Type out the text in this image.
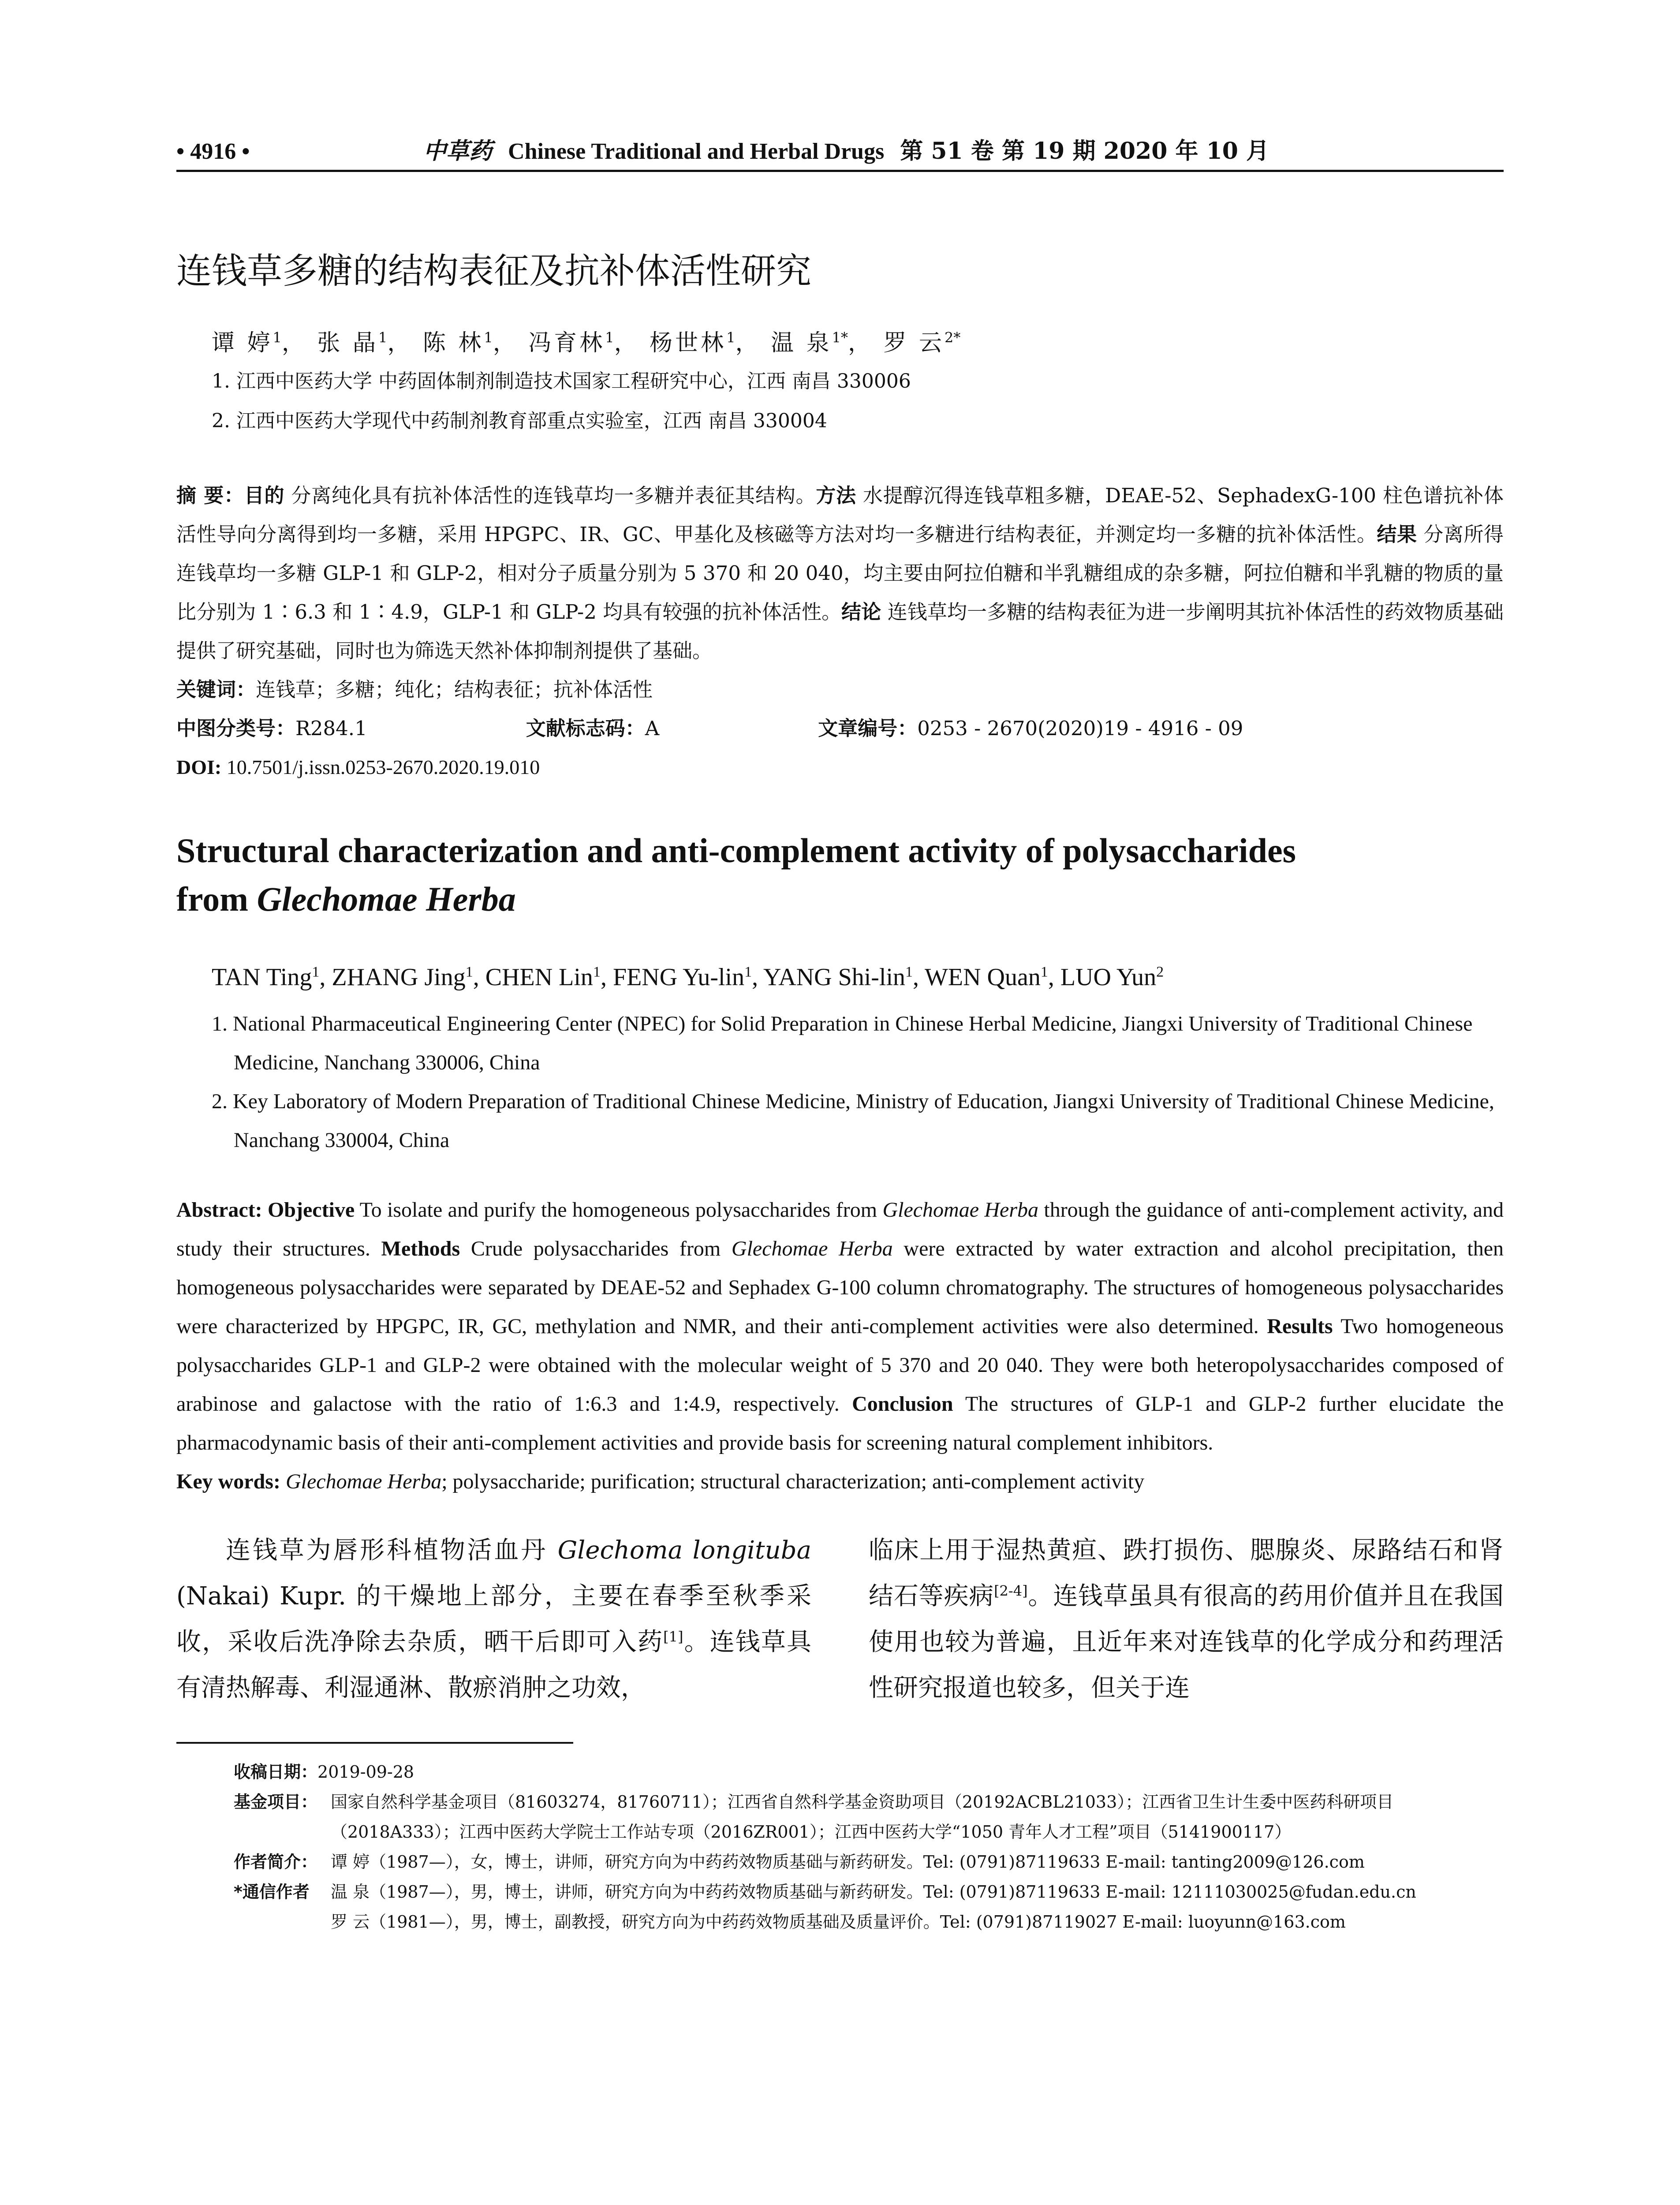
• 4916 •	中草药 Chinese Traditional and Herbal Drugs 第 51 卷 第 19 期 2020 年 10 月
连钱草多糖的结构表征及抗补体活性研究
谭 婷$^1$， 张 晶$^1$， 陈 林$^1$， 冯育林$^1$， 杨世林$^1$， 温 泉$^{1*}$， 罗 云$^{2*}$
1. 江西中医药大学 中药固体制剂制造技术国家工程研究中心，江西 南昌 330006
2. 江西中医药大学现代中药制剂教育部重点实验室，江西 南昌 330004
摘 要：目的 分离纯化具有抗补体活性的连钱草均一多糖并表征其结构。方法 水提醇沉得连钱草粗多糖，DEAE-52、SephadexG-100 柱色谱抗补体活性导向分离得到均一多糖，采用 HPGPC、IR、GC、甲基化及核磁等方法对均一多糖进行结构表征，并测定均一多糖的抗补体活性。结果 分离所得连钱草均一多糖 GLP-1 和 GLP-2，相对分子质量分别为 5 370 和 20 040，均主要由阿拉伯糖和半乳糖组成的杂多糖，阿拉伯糖和半乳糖的物质的量比分别为 1∶6.3 和 1∶4.9，GLP-1 和 GLP-2 均具有较强的抗补体活性。结论 连钱草均一多糖的结构表征为进一步阐明其抗补体活性的药效物质基础提供了研究基础，同时也为筛选天然补体抑制剂提供了基础。
关键词：连钱草；多糖；纯化；结构表征；抗补体活性
中图分类号：R284.1	文献标志码：A	文章编号：0253 - 2670(2020)19 - 4916 - 09
DOI: 10.7501/j.issn.0253-2670.2020.19.010
Structural characterization and anti-complement activity of polysaccharides
from Glechomae Herba
TAN Ting$^1$, ZHANG Jing$^1$, CHEN Lin$^1$, FENG Yu-lin$^1$, YANG Shi-lin$^1$, WEN Quan$^1$, LUO Yun$^2$
1. National Pharmaceutical Engineering Center (NPEC) for Solid Preparation in Chinese Herbal Medicine, Jiangxi University of Traditional Chinese Medicine, Nanchang 330006, China
2. Key Laboratory of Modern Preparation of Traditional Chinese Medicine, Ministry of Education, Jiangxi University of Traditional Chinese Medicine, Nanchang 330004, China
Abstract: Objective To isolate and purify the homogeneous polysaccharides from Glechomae Herba through the guidance of anti-complement activity, and study their structures. Methods Crude polysaccharides from Glechomae Herba were extracted by water extraction and alcohol precipitation, then homogeneous polysaccharides were separated by DEAE-52 and Sephadex G-100 column chromatography. The structures of homogeneous polysaccharides were characterized by HPGPC, IR, GC, methylation and NMR, and their anti-complement activities were also determined. Results Two homogeneous polysaccharides GLP-1 and GLP-2 were obtained with the molecular weight of 5 370 and 20 040. They were both heteropolysaccharides composed of arabinose and galactose with the ratio of 1:6.3 and 1:4.9, respectively. Conclusion The structures of GLP-1 and GLP-2 further elucidate the pharmacodynamic basis of their anti-complement activities and provide basis for screening natural complement inhibitors.
Key words: Glechomae Herba; polysaccharide; purification; structural characterization; anti-complement activity
连钱草为唇形科植物活血丹 Glechoma longituba (Nakai) Kupr. 的干燥地上部分，主要在春季至秋季采收，采收后洗净除去杂质，晒干后即可入药[1]。连钱草具有清热解毒、利湿通淋、散瘀消肿之功效，
临床上用于湿热黄疸、跌打损伤、腮腺炎、尿路结石和肾结石等疾病[2-4]。连钱草虽具有很高的药用价值并且在我国使用也较为普遍，且近年来对连钱草的化学成分和药理活性研究报道也较多，但关于连
收稿日期：2019-09-28
基金项目： 国家自然科学基金项目（81603274，81760711）；江西省自然科学基金资助项目（20192ACBL21033）；江西省卫生计生委中医药科研项目（2018A333）；江西中医药大学院士工作站专项（2016ZR001）；江西中医药大学“1050 青年人才工程”项目（5141900117）
作者简介： 谭 婷（1987—），女，博士，讲师，研究方向为中药药效物质基础与新药研发。Tel: (0791)87119633 E-mail: tanting2009@126.com
*通信作者	温 泉（1987—），男，博士，讲师，研究方向为中药药效物质基础与新药研发。Tel: (0791)87119633 E-mail: 12111030025@fudan.edu.cn
罗 云（1981—），男，博士，副教授，研究方向为中药药效物质基础及质量评价。Tel: (0791)87119027 E-mail: luoyunn@163.com
